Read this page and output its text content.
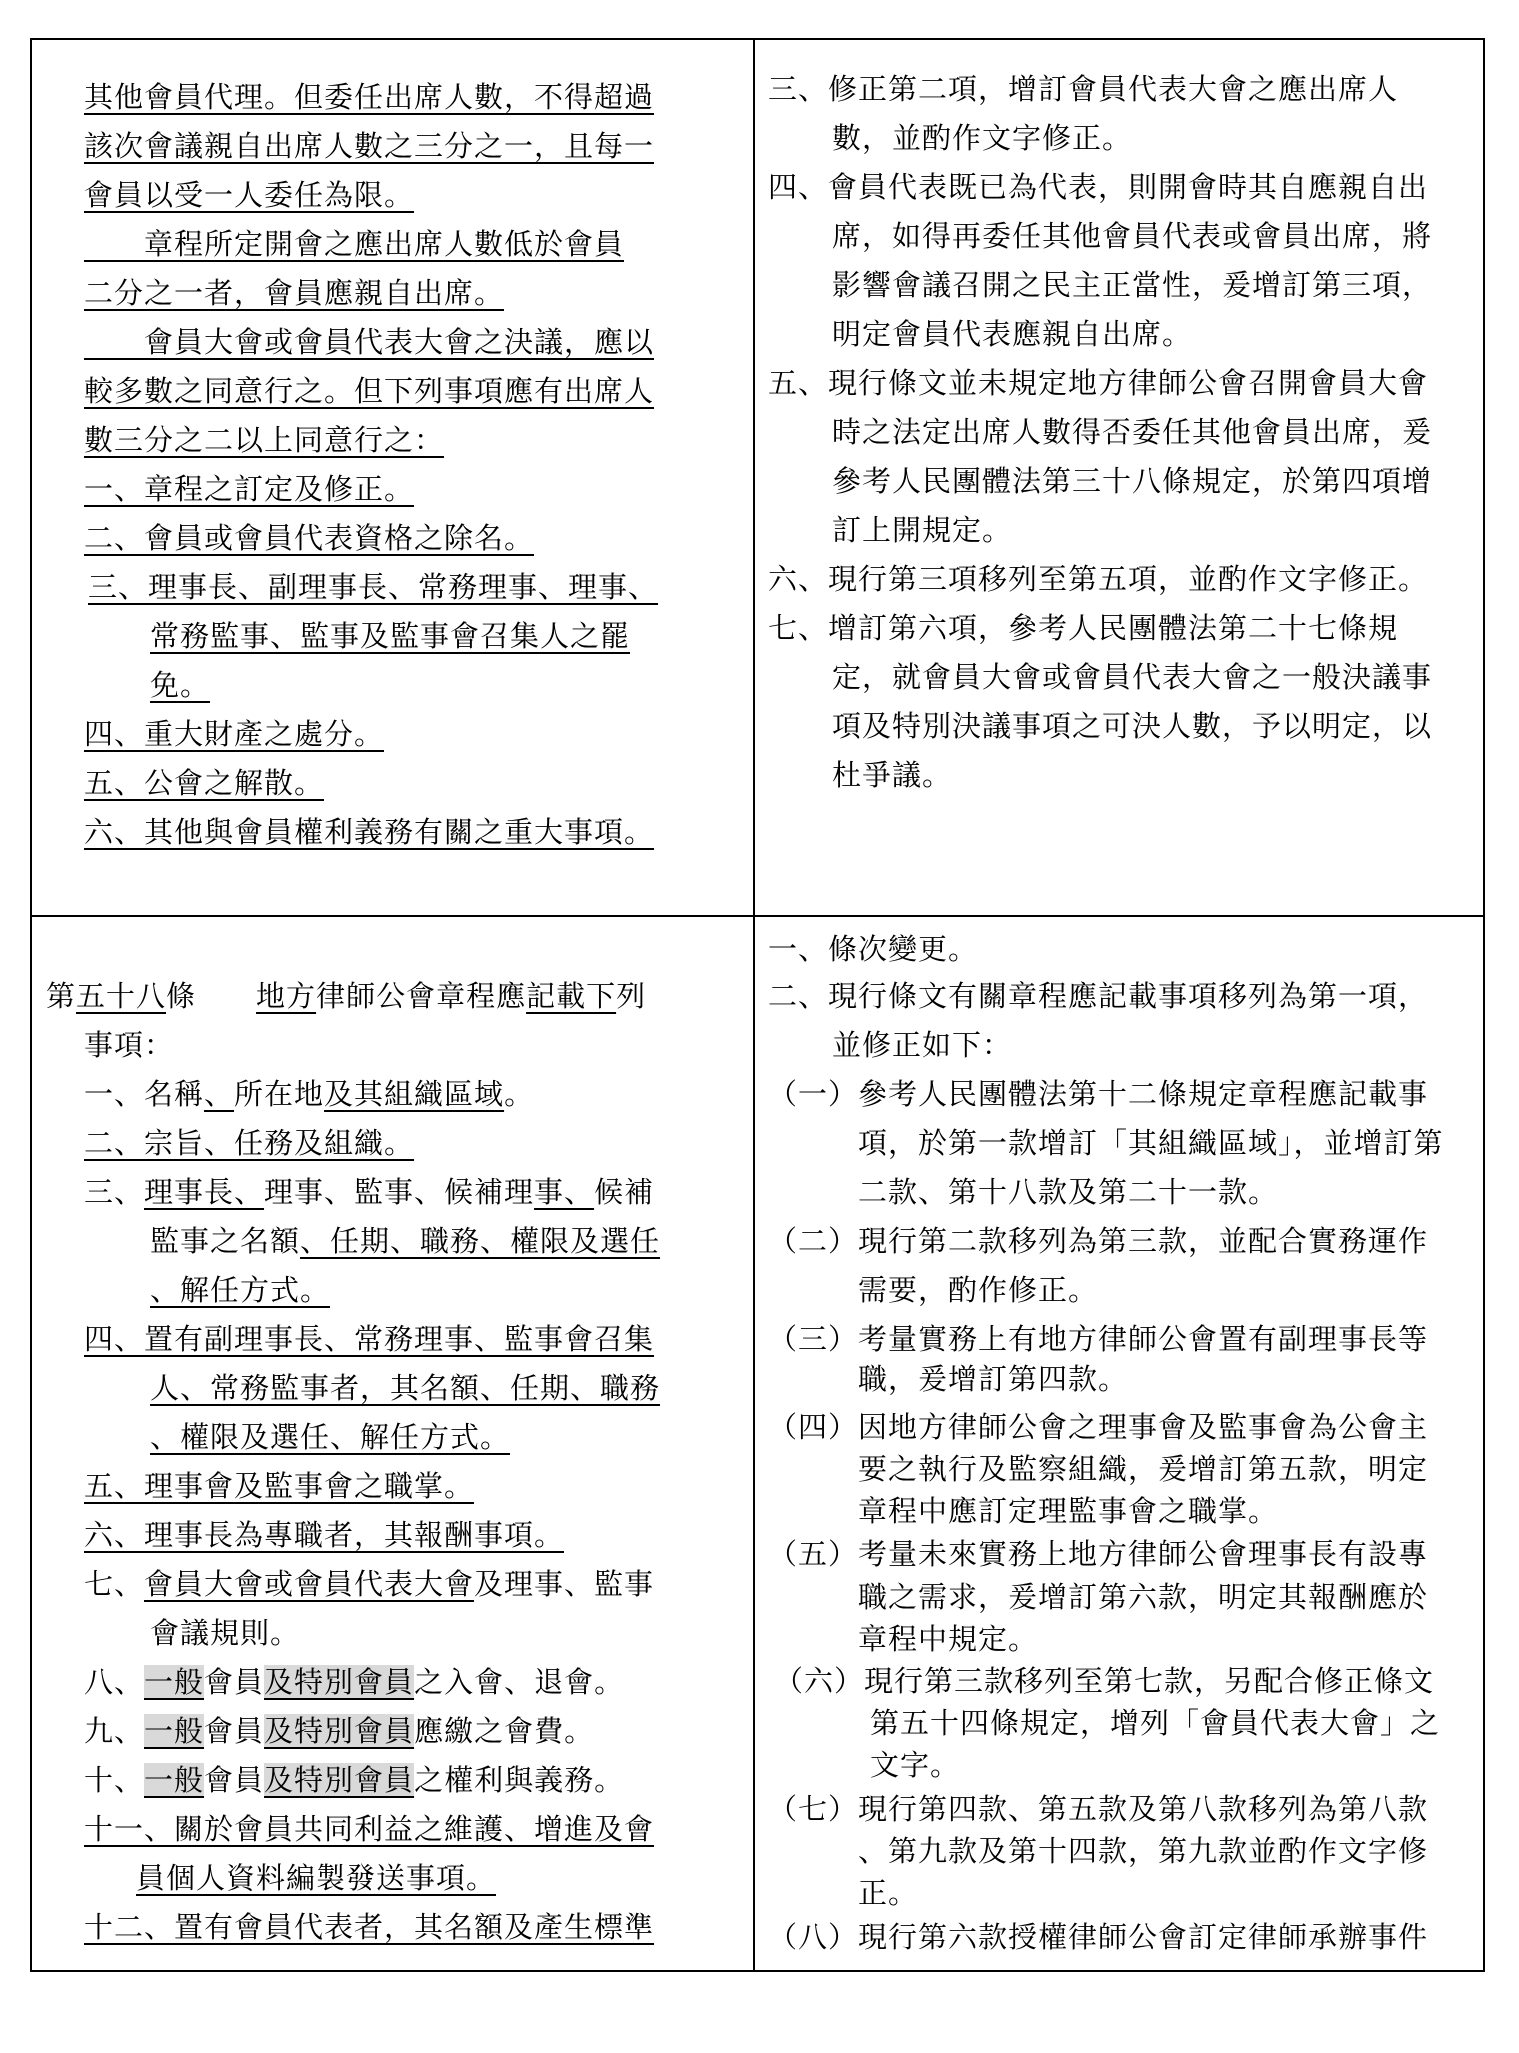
其他會員代理。但委任出席人數，不得超過
該次會議親自出席人數之三分之一，且每一
會員以受一人委任為限。
　　章程所定開會之應出席人數低於會員
二分之一者，會員應親自出席。
　　會員大會或會員代表大會之決議，應以
較多數之同意行之。但下列事項應有出席人
數三分之二以上同意行之：
一、章程之訂定及修正。
二、會員或會員代表資格之除名。
三、理事長、副理事長、常務理事、理事、
常務監事、監事及監事會召集人之罷
免。
四、重大財產之處分。
五、公會之解散。
六、其他與會員權利義務有關之重大事項。
三、修正第二項，增訂會員代表大會之應出席人
數，並酌作文字修正。
四、會員代表既已為代表，則開會時其自應親自出
席，如得再委任其他會員代表或會員出席，將
影響會議召開之民主正當性，爰增訂第三項，
明定會員代表應親自出席。
五、現行條文並未規定地方律師公會召開會員大會
時之法定出席人數得否委任其他會員出席，爰
參考人民團體法第三十八條規定，於第四項增
訂上開規定。
六、現行第三項移列至第五項，並酌作文字修正。
七、增訂第六項，參考人民團體法第二十七條規
定，就會員大會或會員代表大會之一般決議事
項及特別決議事項之可決人數，予以明定，以
杜爭議。
第五十八條　　地方律師公會章程應記載下列
事項：
一、名稱、所在地及其組織區域。
二、宗旨、任務及組織。
三、理事長、理事、監事、候補理事、候補
監事之名額、任期、職務、權限及選任
、解任方式。
四、置有副理事長、常務理事、監事會召集
人、常務監事者，其名額、任期、職務
、權限及選任、解任方式。
五、理事會及監事會之職掌。
六、理事長為專職者，其報酬事項。
七、會員大會或會員代表大會及理事、監事
會議規則。
八、一般會員及特別會員之入會、退會。
九、一般會員及特別會員應繳之會費。
十、一般會員及特別會員之權利與義務。
十一、關於會員共同利益之維護、增進及會
員個人資料編製發送事項。
十二、置有會員代表者，其名額及產生標準
一、條次變更。
二、現行條文有關章程應記載事項移列為第一項，
並修正如下：
（一）參考人民團體法第十二條規定章程應記載事
項，於第一款增訂「其組織區域」，並增訂第
二款、第十八款及第二十一款。
（二）現行第二款移列為第三款，並配合實務運作
需要，酌作修正。
（三）考量實務上有地方律師公會置有副理事長等
職，爰增訂第四款。
（四）因地方律師公會之理事會及監事會為公會主
要之執行及監察組織，爰增訂第五款，明定
章程中應訂定理監事會之職掌。
（五）考量未來實務上地方律師公會理事長有設專
職之需求，爰增訂第六款，明定其報酬應於
章程中規定。
（六）現行第三款移列至第七款，另配合修正條文
第五十四條規定，增列「會員代表大會」之
文字。
（七）現行第四款、第五款及第八款移列為第八款
、第九款及第十四款，第九款並酌作文字修
正。
（八）現行第六款授權律師公會訂定律師承辦事件
